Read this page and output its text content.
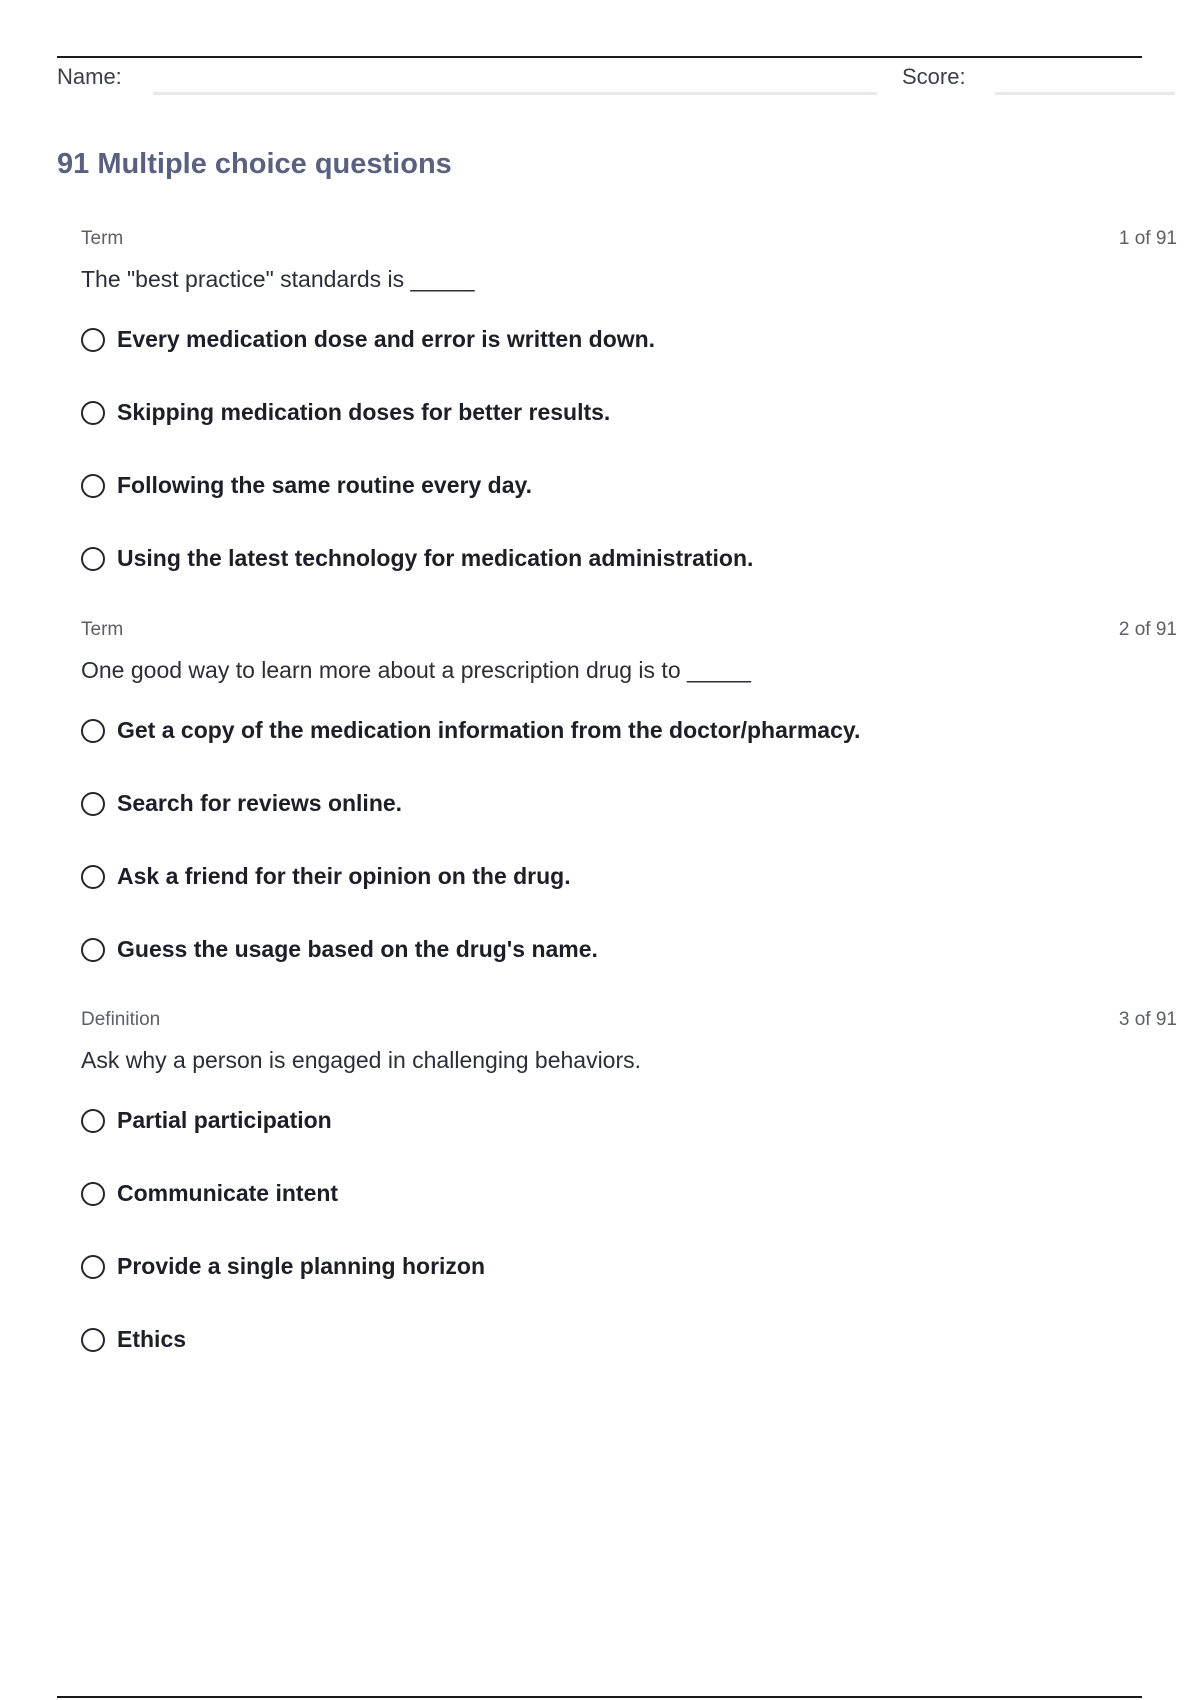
Name:	Score:
91 Multiple choice questions
Term	1 of 91
The "best practice" standards is _____
Every medication dose and error is written down.
Skipping medication doses for better results.
Following the same routine every day.
Using the latest technology for medication administration.
Term	2 of 91
One good way to learn more about a prescription drug is to _____
Get a copy of the medication information from the doctor/pharmacy.
Search for reviews online.
Ask a friend for their opinion on the drug.
Guess the usage based on the drug's name.
Definition	3 of 91
Ask why a person is engaged in challenging behaviors.
Partial participation
Communicate intent
Provide a single planning horizon
Ethics
